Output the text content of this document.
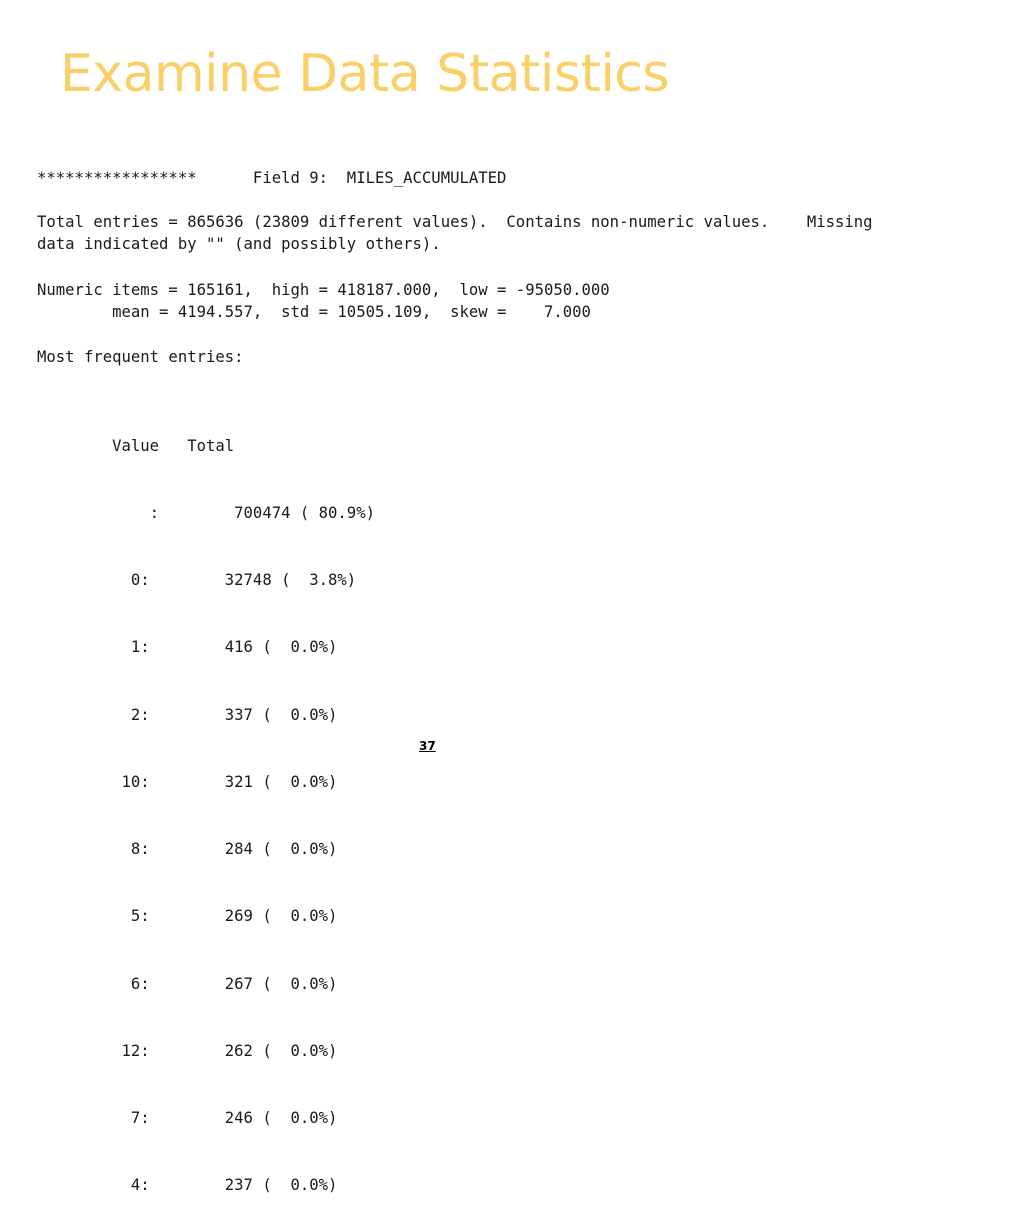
Examine Data Statistics
*****************      Field 9:  MILES_ACCUMULATED
Total entries = 865636 (23809 different values).  Contains non-numeric values.    Missing
data indicated by "" (and possibly others).
Numeric items = 165161,  high = 418187.000,  low = -95050.000
mean = 4194.557,  std = 10505.109,  skew =    7.000
Most frequent entries:

Value   Total

:        700474 ( 80.9%)

0:        32748 (  3.8%)

1:        416 (  0.0%)

2:        337 (  0.0%)

10:        321 (  0.0%)

8:        284 (  0.0%)

5:        269 (  0.0%)

6:        267 (  0.0%)

12:        262 (  0.0%)

7:        246 (  0.0%)

4:        237 (  0.0%)

37
